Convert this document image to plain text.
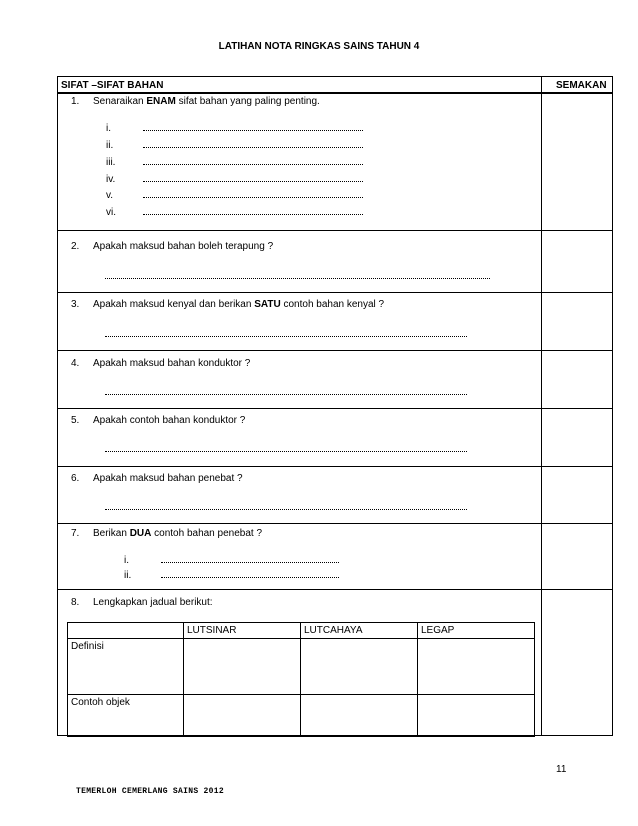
LATIHAN NOTA RINGKAS SAINS TAHUN 4
SIFAT –SIFAT BAHAN	SEMAKAN
1. Senaraikan ENAM sifat bahan yang paling penting.
i.
ii.
iii.
iv.
v.
vi.
2. Apakah maksud bahan boleh terapung ?
3. Apakah maksud kenyal dan berikan SATU contoh bahan kenyal ?
4. Apakah maksud bahan konduktor ?
5. Apakah contoh bahan konduktor ?
6. Apakah maksud bahan penebat ?
7. Berikan DUA contoh bahan penebat ?
i.
ii.
8. Lengkapkan jadual berikut:
	LUTSINAR	LUTCAHAYA	LEGAP
Definisi			
Contoh objek			
11
TEMERLOH CEMERLANG SAINS 2012
